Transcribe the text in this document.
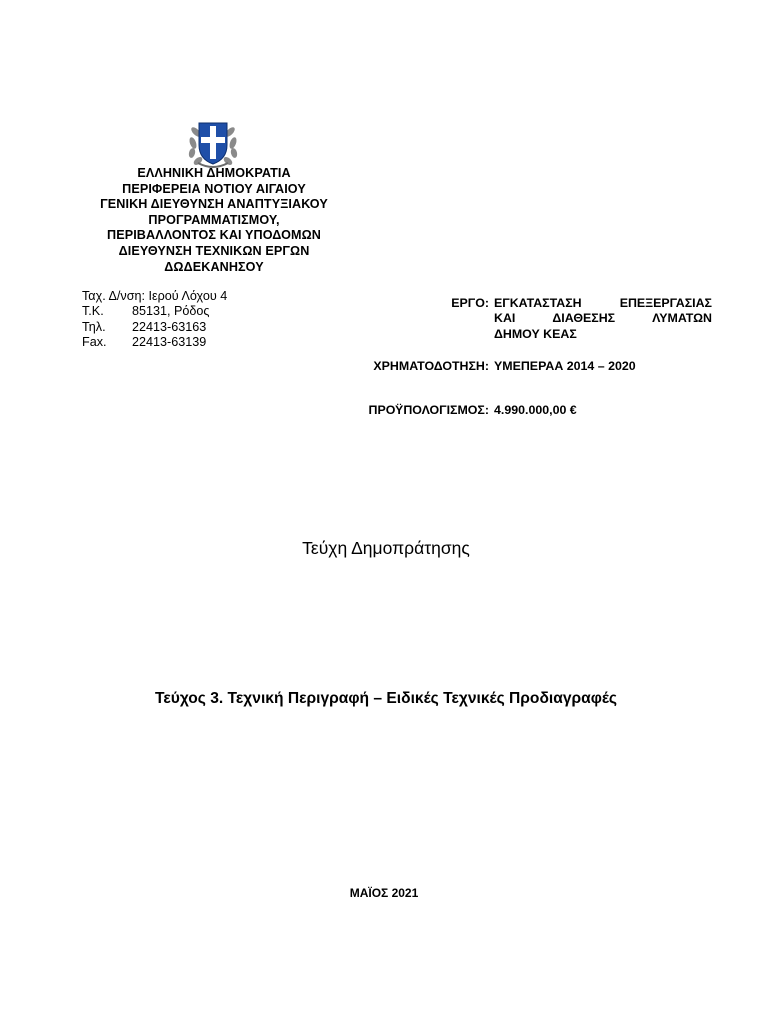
ΕΛΛΗΝΙΚΗ ΔΗΜΟΚΡΑΤΙΑ
ΠΕΡΙΦΕΡΕΙΑ ΝΟΤΙΟΥ ΑΙΓΑΙΟΥ
ΓΕΝΙΚΗ ΔΙΕΥΘΥΝΣΗ ΑΝΑΠΤΥΞΙΑΚΟΥ
ΠΡΟΓΡΑΜΜΑΤΙΣΜΟΥ,
ΠΕΡΙΒΑΛΛΟΝΤΟΣ ΚΑΙ ΥΠΟΔΟΜΩΝ
ΔΙΕΥΘΥΝΣΗ ΤΕΧΝΙΚΩΝ ΕΡΓΩΝ
ΔΩΔΕΚΑΝΗΣΟΥ
Ταχ. Δ/νση: Ιερού Λόχου 4
Τ.Κ. 85131, Ρόδος
Τηλ. 22413-63163
Fax. 22413-63139
ΕΡΓΟ: ΕΓΚΑΤΑΣΤΑΣΗ	ΕΠΕΞΕΡΓΑΣΙΑΣ
ΚΑΙ	ΔΙΑΘΕΣΗΣ	ΛΥΜΑΤΩΝ
ΔΗΜΟΥ ΚΕΑΣ
ΧΡΗΜΑΤΟΔΟΤΗΣΗ: ΥΜΕΠΕΡΑΑ 2014 – 2020
ΠΡΟΫΠΟΛΟΓΙΣΜΟΣ: 4.990.000,00 €
Τεύχη Δημοπράτησης
Τεύχος 3. Τεχνική Περιγραφή – Ειδικές Τεχνικές Προδιαγραφές
ΜΑΪΟΣ 2021
